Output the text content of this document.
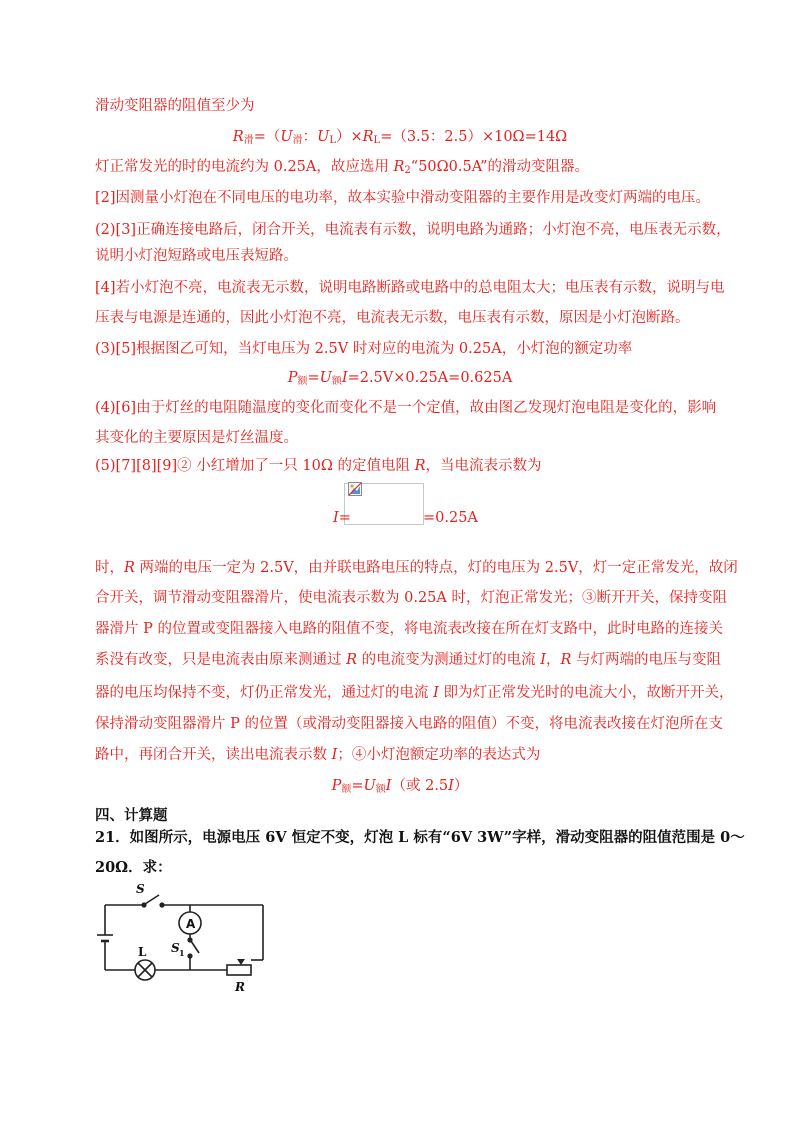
滑动变阻器的阻值至少为
$R_滑=(U_滑$：$U_L)\times R_L=(3.5$：2.5）×10Ω=14Ω
灯正常发光的时的电流约为 0.25A，故应选用 $R_2“50\Omega 0.5A$”的滑动变阻器。
[2]因测量小灯泡在不同电压的电功率，故本实验中滑动变阻器的主要作用是改变灯两端的电压。
(2)[3]正确连接电路后，闭合开关，电流表有示数，说明电路为通路；小灯泡不亮，电压表无示数，
说明小灯泡短路或电压表短路。
[4]若小灯泡不亮，电流表无示数，说明电路断路或电路中的总电阻太大；电压表有示数，说明与电
压表与电源是连通的，因此小灯泡不亮，电流表无示数，电压表有示数，原因是小灯泡断路。
(3)[5]根据图乙可知，当灯电压为 2.5V 时对应的电流为 0.25A，小灯泡的额定功率
$P_额=U_额I=2.5V\times 0.25A=0.625A$
(4)[6]由于灯丝的电阻随温度的变化而变化不是一个定值，故由图乙发现灯泡电阻是变化的，影响
其变化的主要原因是灯丝温度。
(5)[7][8][9]② 小红增加了一只 10Ω 的定值电阻 R，当电流表示数为
I=	=0.25A
时，R 两端的电压一定为 2.5V，由并联电路电压的特点，灯的电压为 2.5V，灯一定正常发光，故闭
合开关，调节滑动变阻器滑片，使电流表示数为 0.25A 时，灯泡正常发光；③断开开关，保持变阻
器滑片 P 的位置或变阻器接入电路的阻值不变，将电流表改接在所在灯支路中，此时电路的连接关
系没有改变，只是电流表由原来测通过 R 的电流变为测通过灯的电流 I，R 与灯两端的电压与变阻
器的电压均保持不变，灯仍正常发光，通过灯的电流 I 即为灯正常发光时的电流大小，故断开开关，
保持滑动变阻器滑片 P 的位置（或滑动变阻器接入电路的阻值）不变，将电流表改接在灯泡所在支
路中，再闭合开关，读出电流表示数 I；④小灯泡额定功率的表达式为
$P_额=U_额I$（或 2.5I）
四、计算题
21．如图所示，电源电压 6V 恒定不变，灯泡 L 标有“6V 3W”字样，滑动变阻器的阻值范围是 0～
20Ω．求：
S
A
S 1
L
R
